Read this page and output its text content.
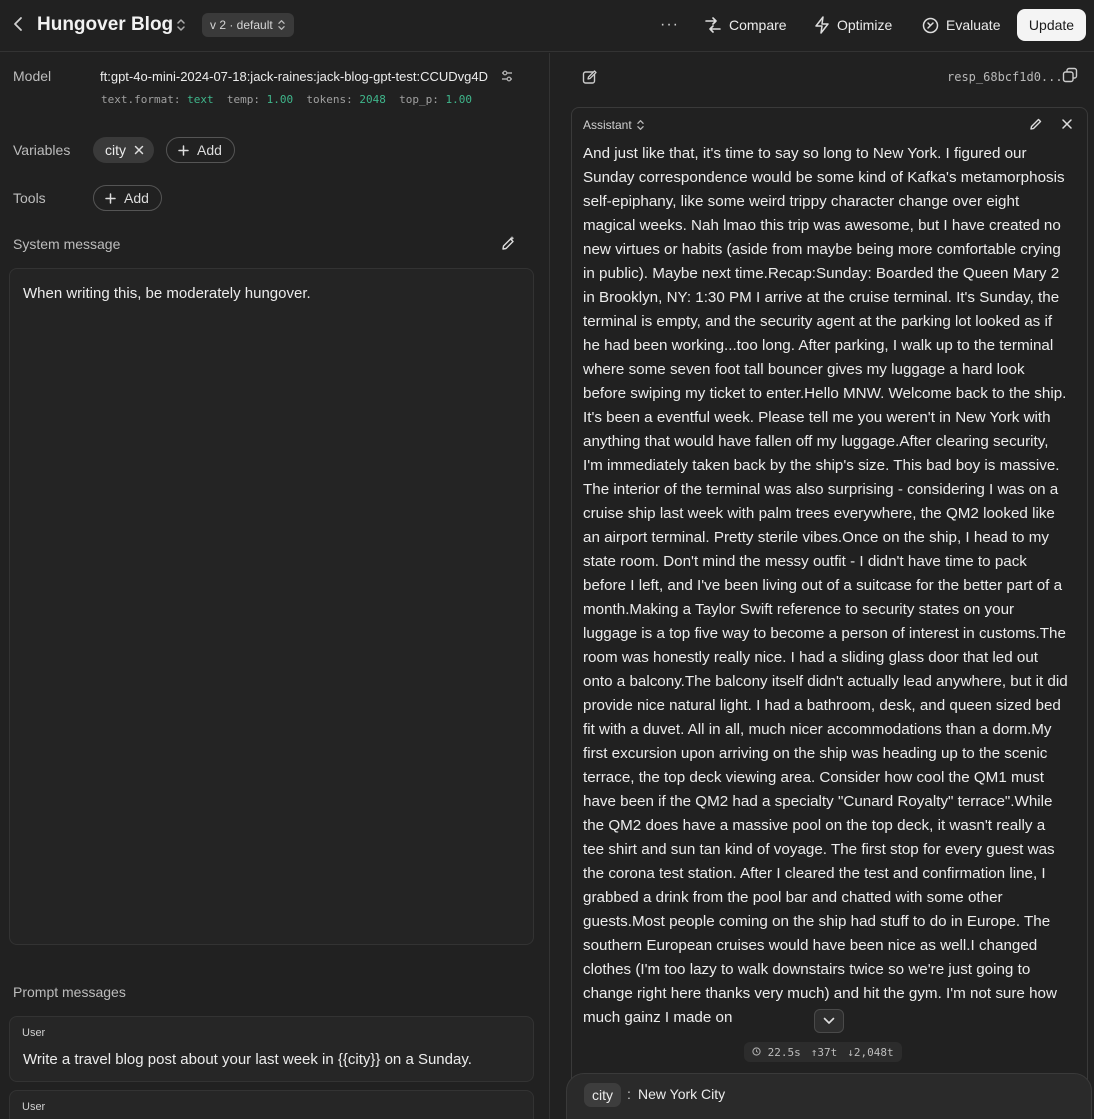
Hungover Blog	v 2 · default	···	Compare	Optimize	Evaluate	Update
Model	ft:gpt-4o-mini-2024-07-18:jack-raines:jack-blog-gpt-test:CCUDvg4D
text.format: text temp: 1.00 tokens: 2048 top_p: 1.00
Variables city	Add
Tools	Add
System message
When writing this, be moderately hungover.
Prompt messages
User
Write a travel blog post about your last week in {{city}} on a Sunday.
User
resp_68bcf1d0...
Assistant
And just like that, it's time to say so long to New York. I figured our Sunday correspondence would be some kind of Kafka's metamorphosis self-epiphany, like some weird trippy character change over eight magical weeks. Nah lmao this trip was awesome, but I have created no new virtues or habits (aside from maybe being more comfortable crying in public). Maybe next time.Recap:Sunday: Boarded the Queen Mary 2 in Brooklyn, NY: 1:30 PM I arrive at the cruise terminal. It's Sunday, the terminal is empty, and the security agent at the parking lot looked as if he had been working...too long. After parking, I walk up to the terminal where some seven foot tall bouncer gives my luggage a hard look before swiping my ticket to enter.Hello MNW. Welcome back to the ship. It's been a eventful week. Please tell me you weren't in New York with anything that would have fallen off my luggage.After clearing security, I'm immediately taken back by the ship's size. This bad boy is massive. The interior of the terminal was also surprising - considering I was on a cruise ship last week with palm trees everywhere, the QM2 looked like an airport terminal. Pretty sterile vibes.Once on the ship, I head to my state room. Don't mind the messy outfit - I didn't have time to pack before I left, and I've been living out of a suitcase for the better part of a month.Making a Taylor Swift reference to security states on your luggage is a top five way to become a person of interest in customs.The room was honestly really nice. I had a sliding glass door that led out onto a balcony.The balcony itself didn't actually lead anywhere, but it did provide nice natural light. I had a bathroom, desk, and queen sized bed fit with a duvet. All in all, much nicer accommodations than a dorm.My first excursion upon arriving on the ship was heading up to the scenic terrace, the top deck viewing area. Consider how cool the QM1 must have been if the QM2 had a specialty "Cunard Royalty" terrace".While the QM2 does have a massive pool on the top deck, it wasn't really a tee shirt and sun tan kind of voyage. The first stop for every guest was the corona test station. After I cleared the test and confirmation line, I grabbed a drink from the pool bar and chatted with some other guests.Most people coming on the ship had stuff to do in Europe. The southern European cruises would have been nice as well.I changed clothes (I'm too lazy to walk downstairs twice so we're just going to change right here thanks very much) and hit the gym. I'm not sure how much gainz I made on
22.5s ↑37t ↓2,048t
city	: New York City
